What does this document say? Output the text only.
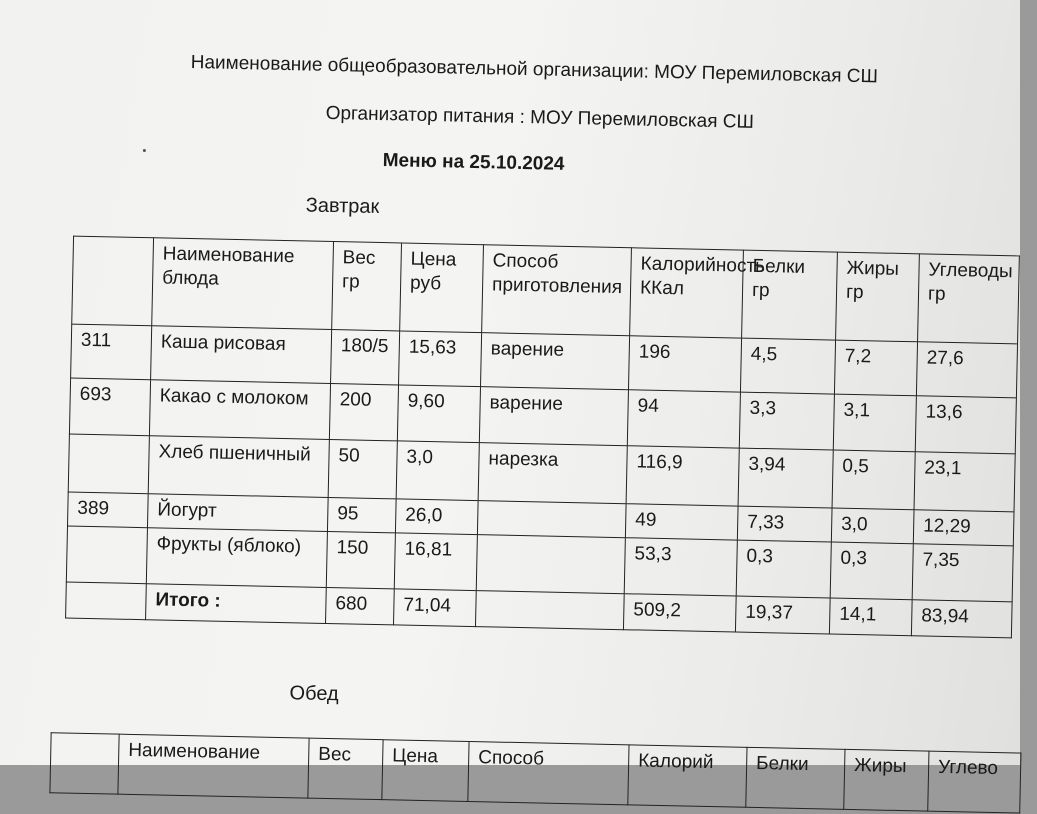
Наименование общеобразовательной организации: МОУ Перемиловская СШ
Организатор питания : МОУ Перемиловская СШ
Меню на 25.10.2024
Завтрак
	Наименование блюда	Вес гр	Цена руб	Способ приготовления	Калорийность ККал	Белки гр	Жиры гр	Углеводы гр
311	Каша рисовая	180/5	15,63	варение	196	4,5	7,2	27,6
693	Какао с молоком	200	9,60	варение	94	3,3	3,1	13,6
	Хлеб пшеничный	50	3,0	нарезка	116,9	3,94	0,5	23,1
389	Йогурт	95	26,0		49	7,33	3,0	12,29
	Фрукты (яблоко)	150	16,81		53,3	0,3	0,3	7,35
	Итого :	680	71,04		509,2	19,37	14,1	83,94
Обед
	Наименование	Вес	Цена	Способ	Калорий	Белки	Жиры	Углево
